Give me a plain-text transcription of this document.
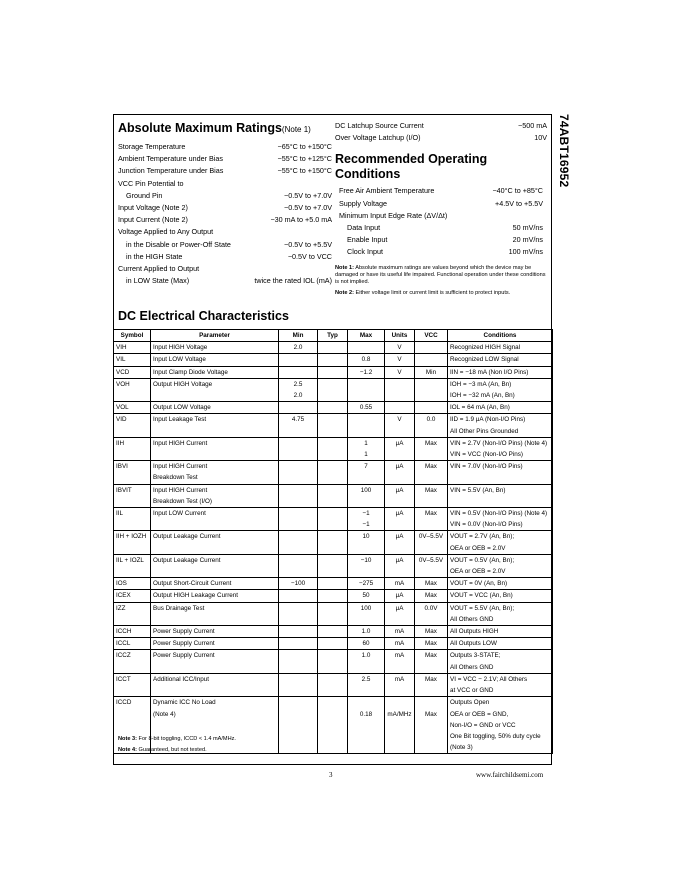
74ABT16952
Absolute Maximum Ratings(Note 1)
Storage Temperature	−65°C to +150°C
Ambient Temperature under Bias	−55°C to +125°C
Junction Temperature under Bias	−55°C to +150°C
VCC Pin Potential to
Ground Pin	−0.5V to +7.0V
Input Voltage (Note 2)	−0.5V to +7.0V
Input Current (Note 2)	−30 mA to +5.0 mA
Voltage Applied to Any Output
in the Disable or Power-Off State	−0.5V to +5.5V
in the HIGH State	−0.5V to VCC
Current Applied to Output
in LOW State (Max)	twice the rated IOL (mA)
DC Latchup Source Current	−500 mA
Over Voltage Latchup (I/O)	10V
Recommended Operating
Conditions
Free Air Ambient Temperature	−40°C to +85°C
Supply Voltage	+4.5V to +5.5V
Minimum Input Edge Rate (ΔV/Δt)
Data Input	50 mV/ns
Enable Input	20 mV/ns
Clock Input	100 mV/ns

Note 1: Absolute maximum ratings are values beyond which the device may be damaged or have its useful life impaired. Functional operation under these conditions is not implied.

Note 2: Either voltage limit or current limit is sufficient to protect inputs.

DC Electrical Characteristics
Symbol	Parameter	Min	Typ	Max	Units	VCC	Conditions
VIH	Input HIGH Voltage	2.0			V		Recognized HIGH Signal
VIL	Input LOW Voltage			0.8	V		Recognized LOW Signal
VCD	Input Clamp Diode Voltage			−1.2	V	Min	IIN = −18 mA (Non I/O Pins)
VOH	Output HIGH Voltage	2.5					IOH = −3 mA (An, Bn)
		2.0					IOH = −32 mA (An, Bn)
VOL	Output LOW Voltage			0.55			IOL = 64 mA (An, Bn)
VID	Input Leakage Test	4.75			V	0.0	IID = 1.9 μA (Non-I/O Pins)
							All Other Pins Grounded
IIH	Input HIGH Current			1	μA	Max	VIN = 2.7V (Non-I/O Pins) (Note 4)
				1			VIN = VCC (Non-I/O Pins)
IBVI	Input HIGH Current			7	μA	Max	VIN = 7.0V (Non-I/O Pins)
	Breakdown Test						
IBVIT	Input HIGH Current			100	μA	Max	VIN = 5.5V (An, Bn)
	Breakdown Test (I/O)						
IIL	Input LOW Current			−1	μA	Max	VIN = 0.5V (Non-I/O Pins) (Note 4)
				−1			VIN = 0.0V (Non-I/O Pins)
IIH + IOZH	Output Leakage Current			10	μA	0V–5.5V	VOUT = 2.7V (An, Bn);
							OEA or OEB = 2.0V
IIL + IOZL	Output Leakage Current			−10	μA	0V–5.5V	VOUT = 0.5V (An, Bn);
							OEA or OEB = 2.0V
IOS	Output Short-Circuit Current	−100		−275	mA	Max	VOUT = 0V (An, Bn)
ICEX	Output HIGH Leakage Current			50	μA	Max	VOUT = VCC (An, Bn)
IZZ	Bus Drainage Test			100	μA	0.0V	VOUT = 5.5V (An, Bn);
							All Others GND
ICCH	Power Supply Current			1.0	mA	Max	All Outputs HIGH
ICCL	Power Supply Current			60	mA	Max	All Outputs LOW
ICCZ	Power Supply Current			1.0	mA	Max	Outputs 3-STATE;
							All Others GND
ICCT	Additional ICC/Input			2.5	mA	Max	VI = VCC − 2.1V; All Others
							at VCC or GND
ICCD	Dynamic ICC No Load						Outputs Open
	(Note 4)			0.18	mA/MHz	Max	OEA or OEB = GND,
							Non-I/O = GND or VCC
							One Bit toggling, 50% duty cycle
							(Note 3)
Note 3: For 8-bit toggling, ICCD < 1.4 mA/MHz.
Note 4: Guaranteed, but not tested.
3	www.fairchildsemi.com
